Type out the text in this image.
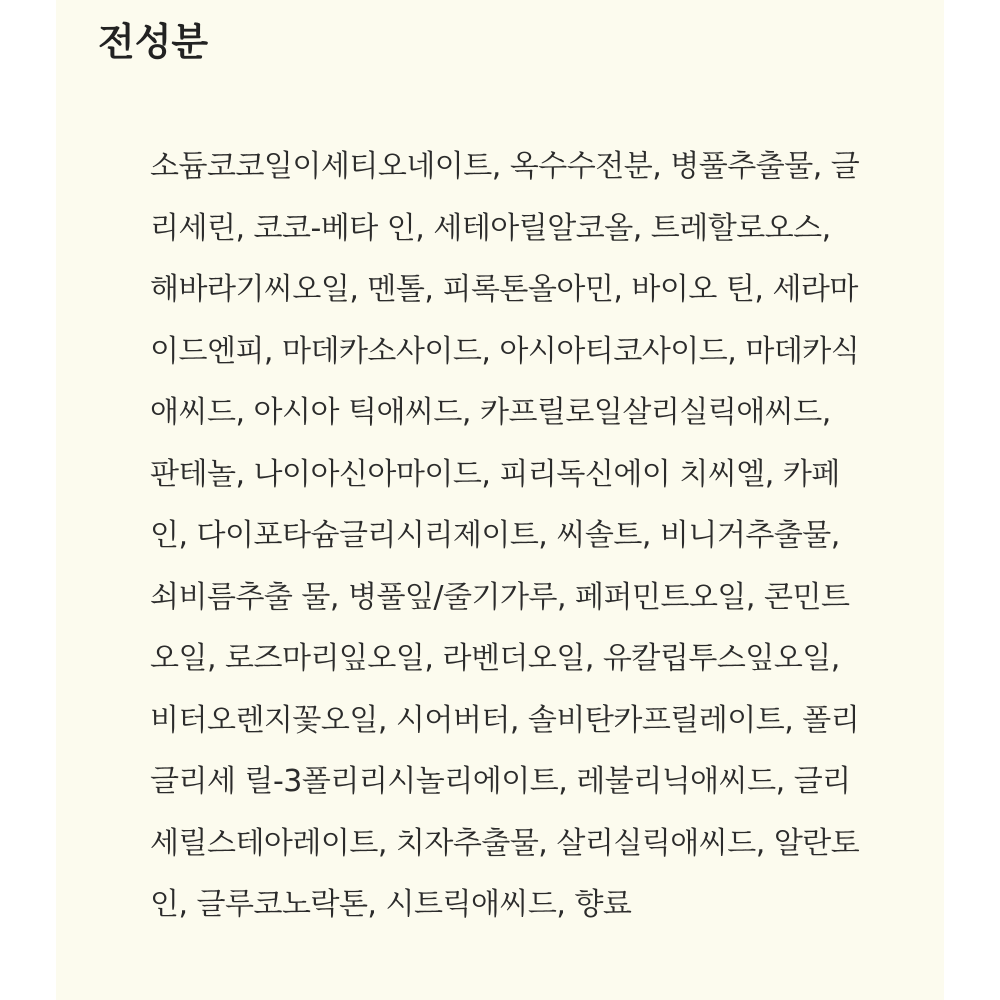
전성분
소듐코코일이세티오네이트, 옥수수전분, 병풀추출물, 글
리세린, 코코-베타 인, 세테아릴알코올, 트레할로오스,
해바라기씨오일, 멘톨, 피록톤올아민, 바이오 틴, 세라마
이드엔피, 마데카소사이드, 아시아티코사이드, 마데카식
애씨드, 아시아 틱애씨드, 카프릴로일살리실릭애씨드,
판테놀, 나이아신아마이드, 피리독신에이 치씨엘, 카페
인, 다이포타슘글리시리제이트, 씨솔트, 비니거추출물,
쇠비름추출 물, 병풀잎/줄기가루, 페퍼민트오일, 콘민트
오일, 로즈마리잎오일, 라벤더오일, 유칼립투스잎오일,
비터오렌지꽃오일, 시어버터, 솔비탄카프릴레이트, 폴리
글리세 릴-3폴리리시놀리에이트, 레불리닉애씨드, 글리
세릴스테아레이트, 치자추출물, 살리실릭애씨드, 알란토
인, 글루코노락톤, 시트릭애씨드, 향료
